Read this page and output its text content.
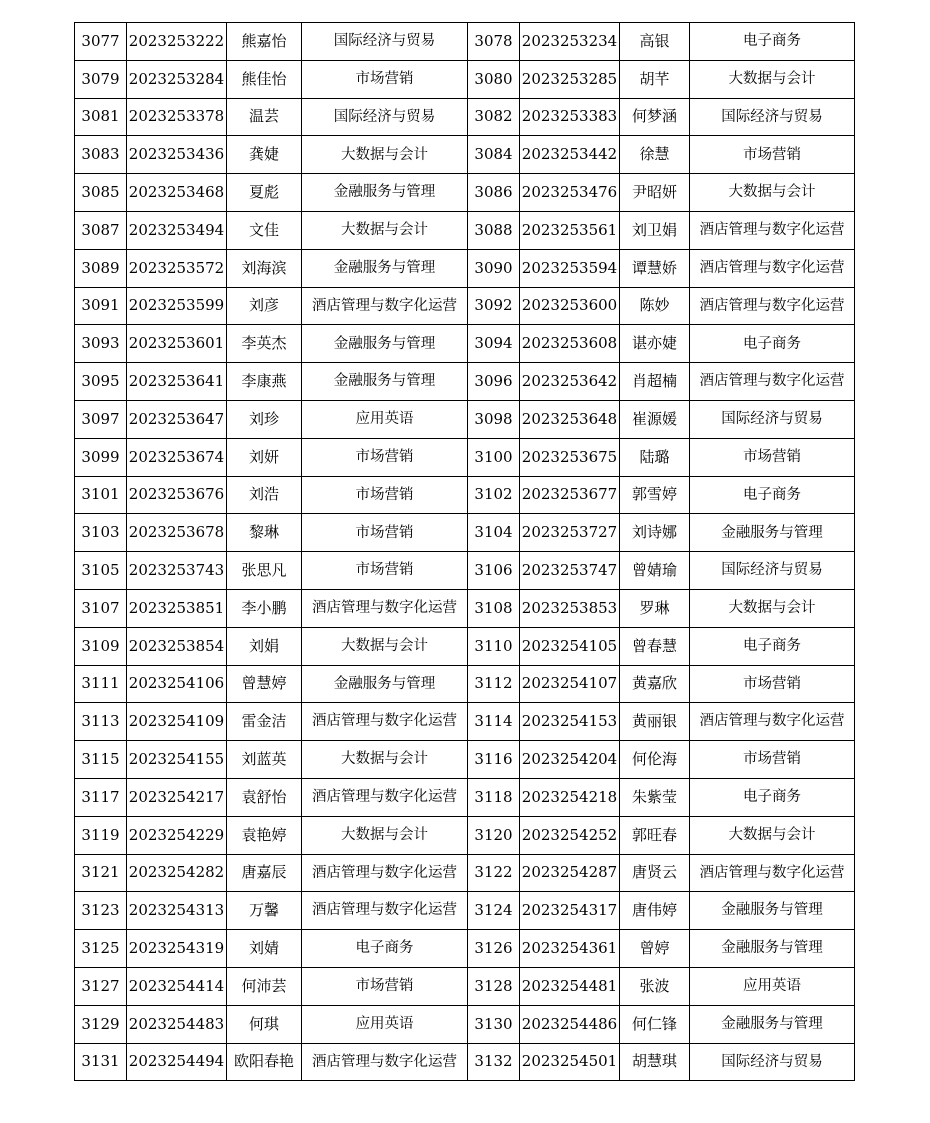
3077	2023253222	熊嘉怡	国际经济与贸易	3078	2023253234	高银	电子商务
3079	2023253284	熊佳怡	市场营销	3080	2023253285	胡芊	大数据与会计
3081	2023253378	温芸	国际经济与贸易	3082	2023253383	何梦涵	国际经济与贸易
3083	2023253436	龚婕	大数据与会计	3084	2023253442	徐慧	市场营销
3085	2023253468	夏彪	金融服务与管理	3086	2023253476	尹昭妍	大数据与会计
3087	2023253494	文佳	大数据与会计	3088	2023253561	刘卫娟	酒店管理与数字化运营
3089	2023253572	刘海滨	金融服务与管理	3090	2023253594	谭慧娇	酒店管理与数字化运营
3091	2023253599	刘彦	酒店管理与数字化运营	3092	2023253600	陈妙	酒店管理与数字化运营
3093	2023253601	李英杰	金融服务与管理	3094	2023253608	谌亦婕	电子商务
3095	2023253641	李康燕	金融服务与管理	3096	2023253642	肖超楠	酒店管理与数字化运营
3097	2023253647	刘珍	应用英语	3098	2023253648	崔源媛	国际经济与贸易
3099	2023253674	刘妍	市场营销	3100	2023253675	陆璐	市场营销
3101	2023253676	刘浩	市场营销	3102	2023253677	郭雪婷	电子商务
3103	2023253678	黎琳	市场营销	3104	2023253727	刘诗娜	金融服务与管理
3105	2023253743	张思凡	市场营销	3106	2023253747	曾婧瑜	国际经济与贸易
3107	2023253851	李小鹏	酒店管理与数字化运营	3108	2023253853	罗琳	大数据与会计
3109	2023253854	刘娟	大数据与会计	3110	2023254105	曾春慧	电子商务
3111	2023254106	曾慧婷	金融服务与管理	3112	2023254107	黄嘉欣	市场营销
3113	2023254109	雷金洁	酒店管理与数字化运营	3114	2023254153	黄丽银	酒店管理与数字化运营
3115	2023254155	刘蓝英	大数据与会计	3116	2023254204	何伦海	市场营销
3117	2023254217	袁舒怡	酒店管理与数字化运营	3118	2023254218	朱紫莹	电子商务
3119	2023254229	袁艳婷	大数据与会计	3120	2023254252	郭旺春	大数据与会计
3121	2023254282	唐嘉辰	酒店管理与数字化运营	3122	2023254287	唐贤云	酒店管理与数字化运营
3123	2023254313	万馨	酒店管理与数字化运营	3124	2023254317	唐伟婷	金融服务与管理
3125	2023254319	刘婧	电子商务	3126	2023254361	曾婷	金融服务与管理
3127	2023254414	何沛芸	市场营销	3128	2023254481	张波	应用英语
3129	2023254483	何琪	应用英语	3130	2023254486	何仁锋	金融服务与管理
3131	2023254494	欧阳春艳	酒店管理与数字化运营	3132	2023254501	胡慧琪	国际经济与贸易
